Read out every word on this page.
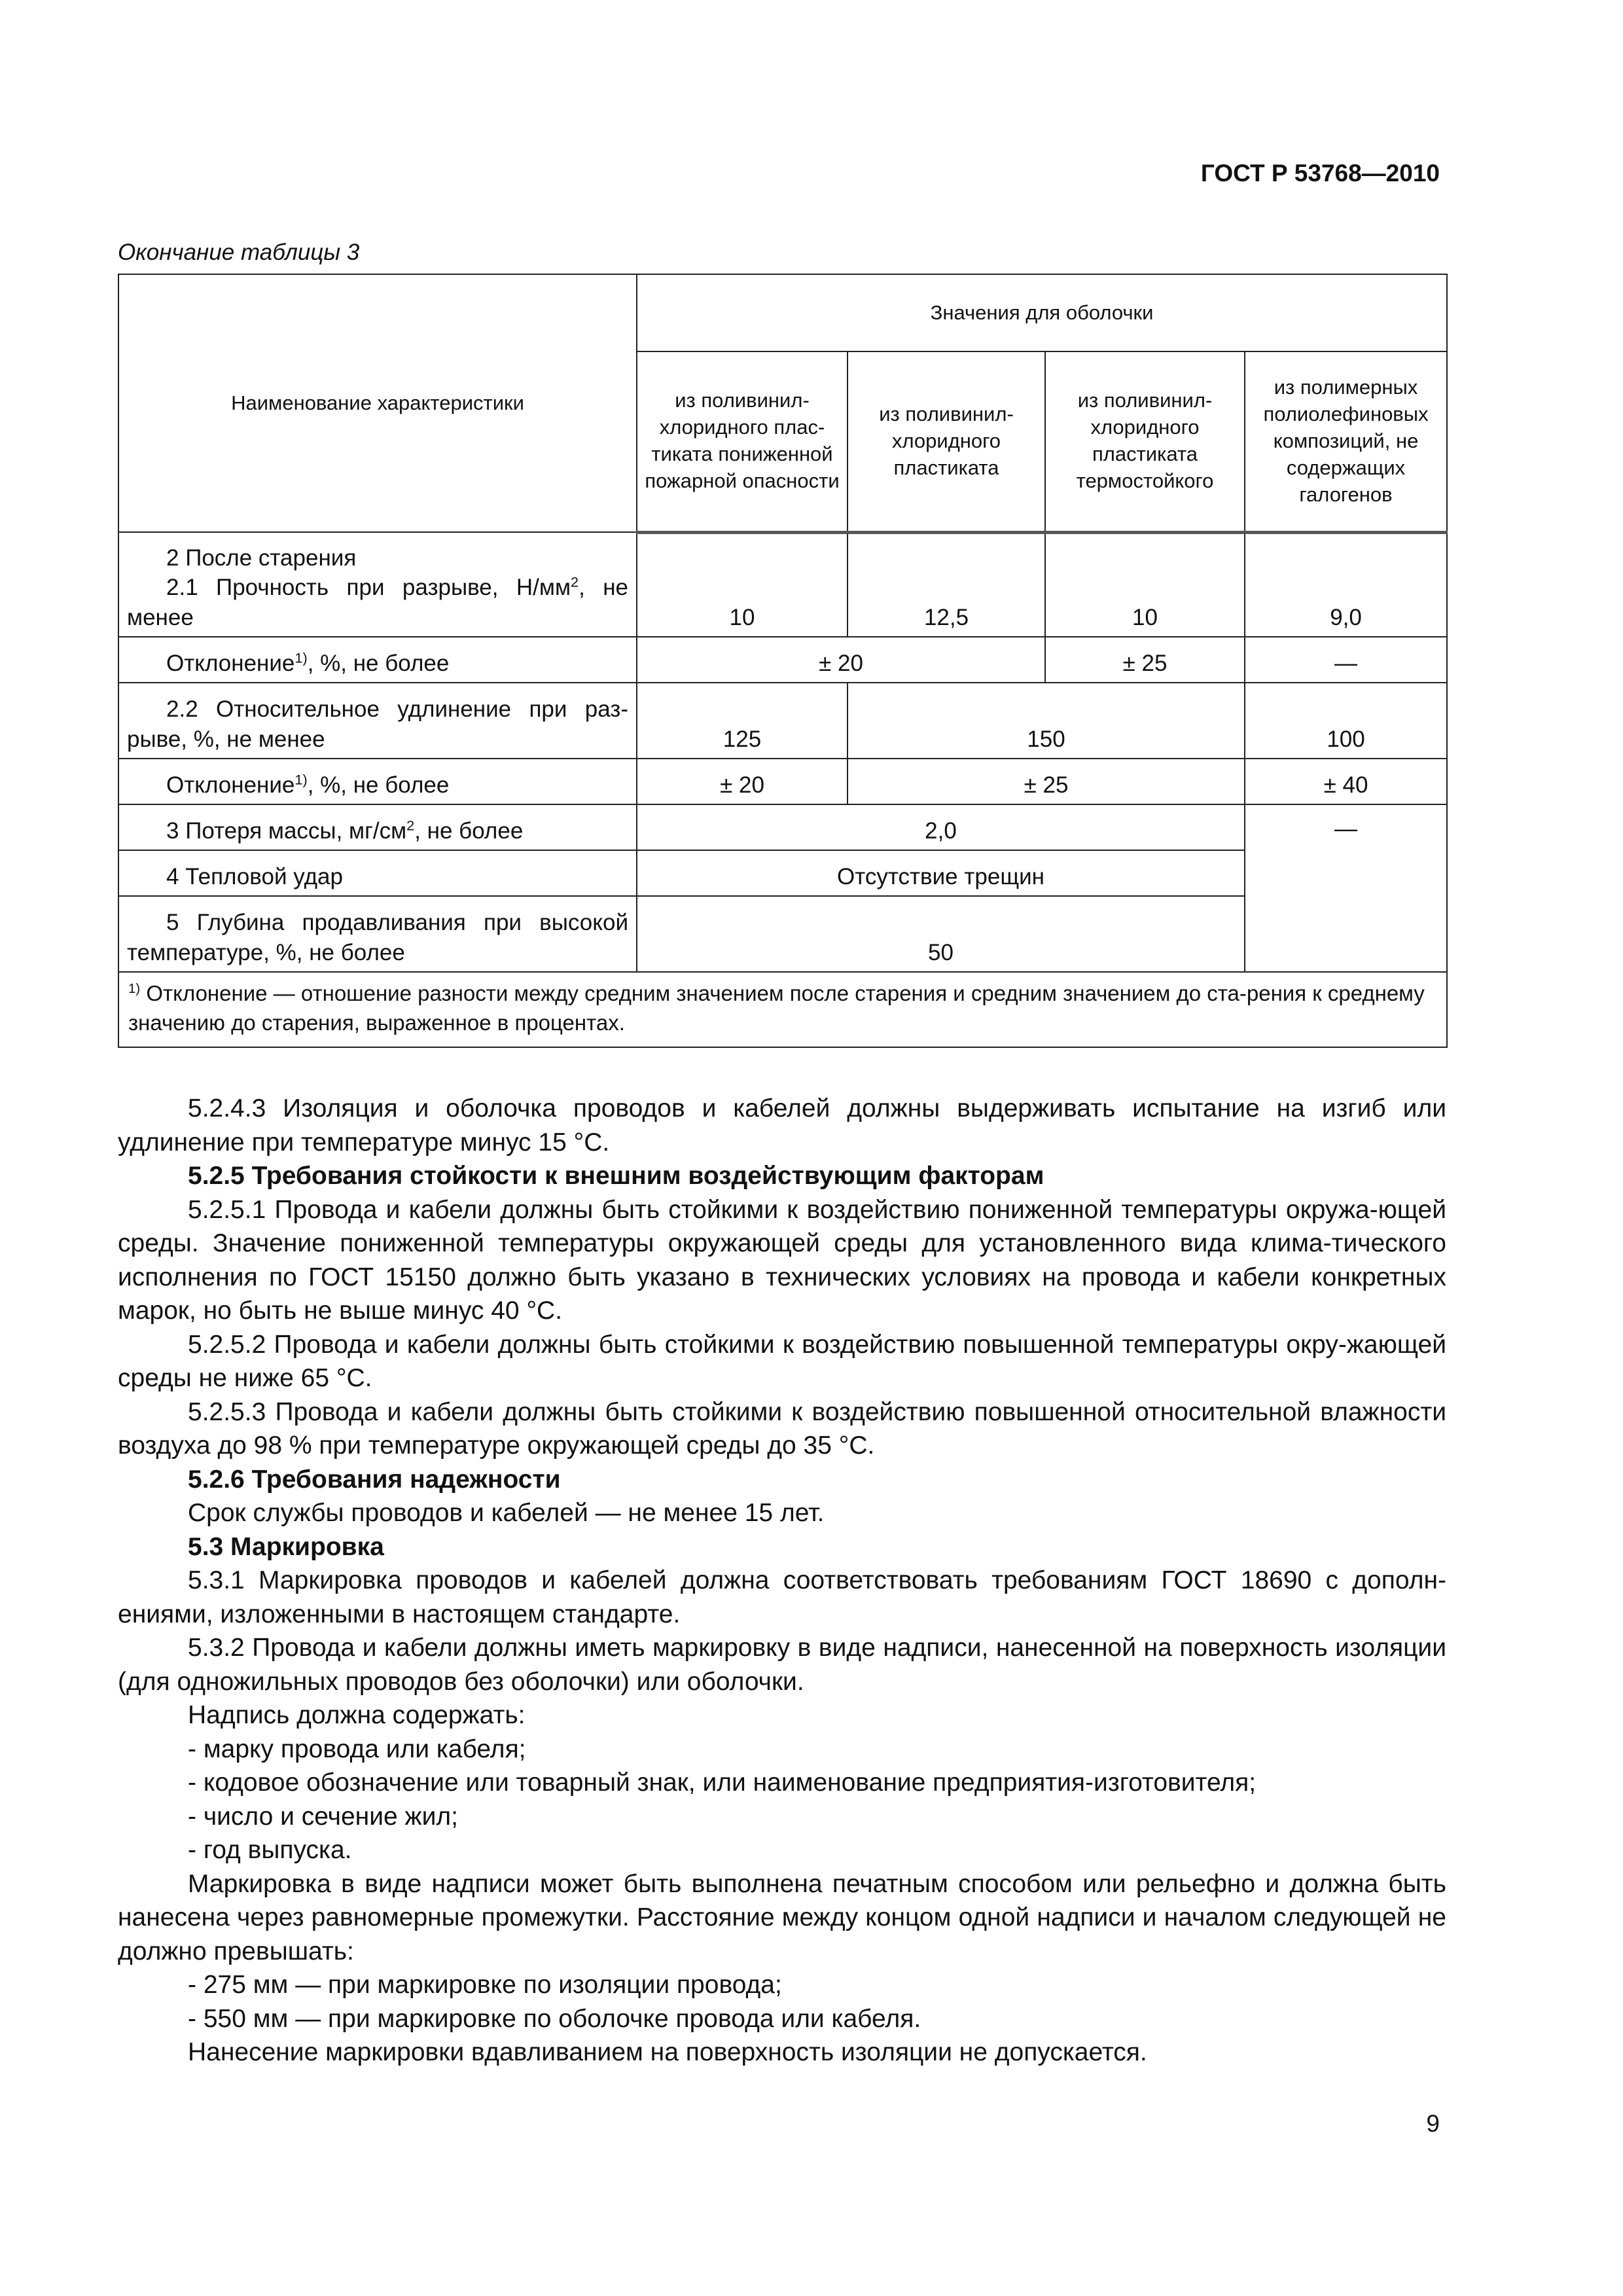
ГОСТ Р 53768—2010
Окончание таблицы 3
Наименование характеристики	Значения для оболочки			
	из поливинил-хлоридного плас-тиката пониженной пожарной опасности	из поливинил-хлоридного пластиката	из поливинил-хлоридного пластиката термостойкого	из полимерных полиолефиновых композиций, не содержащих галогенов

2 После старения
2.1 Прочность при разрыве, $Н/мм^2$, не
менее	10	12,5	10	9,0

Отклонение$^{1)}$, %, не более	± 20		± 25	—

2.2 Относительное удлинение при раз-
рыве, %, не менее	125	150		100

Отклонение$^{1)}$, %, не более	± 20	± 25		± 40

3 Потеря массы, $мг/см^2$, не более	2,0			—

4 Тепловой удар	Отсутствие трещин			

5 Глубина продавливания при высокой
температуре, %, не более	50			
$^{1)}$ Отклонение — отношение разности между средним значением после старения и средним значением до ста-рения к среднему значению до старения, выраженное в процентах.				

5.2.4.3 Изоляция и оболочка проводов и кабелей должны выдерживать испытание на изгиб или удлинение при температуре минус 15 °С.

5.2.5 Требования стойкости к внешним воздействующим факторам

5.2.5.1 Провода и кабели должны быть стойкими к воздействию пониженной температуры окружа-ющей среды. Значение пониженной температуры окружающей среды для установленного вида клима-тического исполнения по ГОСТ 15150 должно быть указано в технических условиях на провода и кабели конкретных марок, но быть не выше минус 40 °С.

5.2.5.2 Провода и кабели должны быть стойкими к воздействию повышенной температуры окру-жающей среды не ниже 65 °С.

5.2.5.3 Провода и кабели должны быть стойкими к воздействию повышенной относительной влажности воздуха до 98 % при температуре окружающей среды до 35 °С.

5.2.6 Требования надежности

Срок службы проводов и кабелей — не менее 15 лет.

5.3 Маркировка

5.3.1 Маркировка проводов и кабелей должна соответствовать требованиям ГОСТ 18690 с дополн-ениями, изложенными в настоящем стандарте.

5.3.2 Провода и кабели должны иметь маркировку в виде надписи, нанесенной на поверхность изоляции (для одножильных проводов без оболочки) или оболочки.

Надпись должна содержать:

- марку провода или кабеля;

- кодовое обозначение или товарный знак, или наименование предприятия-изготовителя;

- число и сечение жил;

- год выпуска.

Маркировка в виде надписи может быть выполнена печатным способом или рельефно и должна быть нанесена через равномерные промежутки. Расстояние между концом одной надписи и началом следующей не должно превышать:

- 275 мм — при маркировке по изоляции провода;

- 550 мм — при маркировке по оболочке провода или кабеля.

Нанесение маркировки вдавливанием на поверхность изоляции не допускается.

9
